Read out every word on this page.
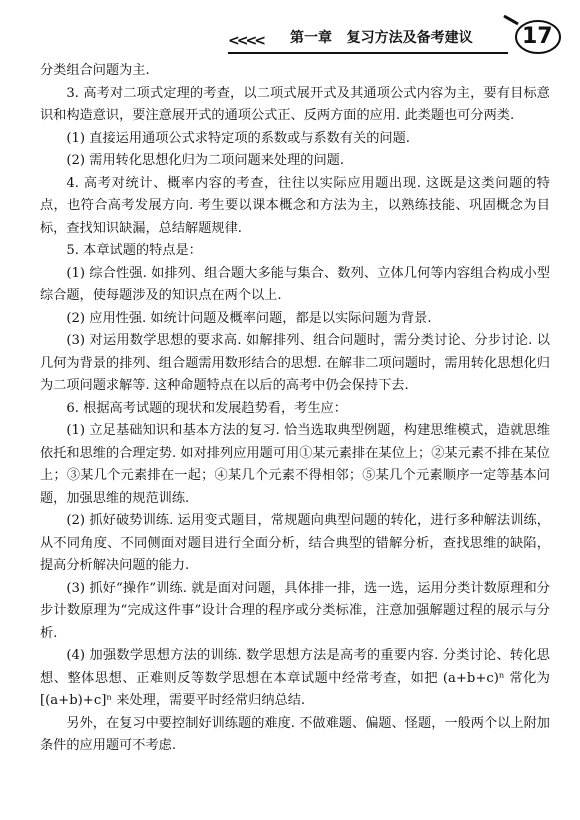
<<<< 第一章 复习方法及备考建议 17

分类组合问题为主.

3. 高考对二项式定理的考查，以二项式展开式及其通项公式内容为主，要有目标意识和构造意识，要注意展开式的通项公式正、反两方面的应用. 此类题也可分两类.

(1) 直接运用通项公式求特定项的系数或与系数有关的问题.

(2) 需用转化思想化归为二项问题来处理的问题.

4. 高考对统计、概率内容的考查，往往以实际应用题出现. 这既是这类问题的特点，也符合高考发展方向. 考生要以课本概念和方法为主，以熟练技能、巩固概念为目标，查找知识缺漏，总结解题规律.

5. 本章试题的特点是：

(1) 综合性强. 如排列、组合题大多能与集合、数列、立体几何等内容组合构成小型综合题，使每题涉及的知识点在两个以上.

(2) 应用性强. 如统计问题及概率问题，都是以实际问题为背景.

(3) 对运用数学思想的要求高. 如解排列、组合问题时，需分类讨论、分步讨论. 以几何为背景的排列、组合题需用数形结合的思想. 在解非二项问题时，需用转化思想化归为二项问题求解等. 这种命题特点在以后的高考中仍会保持下去.

6. 根据高考试题的现状和发展趋势看，考生应：

(1) 立足基础知识和基本方法的复习. 恰当选取典型例题，构建思维模式，造就思维依托和思维的合理定势. 如对排列应用题可用①某元素排在某位上；②某元素不排在某位上；③某几个元素排在一起；④某几个元素不得相邻；⑤某几个元素顺序一定等基本问题，加强思维的规范训练.

(2) 抓好破势训练. 运用变式题目，常规题向典型问题的转化，进行多种解法训练，从不同角度、不同侧面对题目进行全面分析，结合典型的错解分析，查找思维的缺陷，提高分析解决问题的能力.

(3) 抓好“操作”训练. 就是面对问题，具体排一排，选一选，运用分类计数原理和分步计数原理为“完成这件事”设计合理的程序或分类标准，注意加强解题过程的展示与分析.

(4) 加强数学思想方法的训练. 数学思想方法是高考的重要内容. 分类讨论、转化思想、整体思想、正难则反等数学思想在本章试题中经常考查，如把 (a+b+c)ⁿ 常化为[(a+b)+c]ⁿ 来处理，需要平时经常归纳总结.

另外，在复习中要控制好训练题的难度. 不做难题、偏题、怪题，一般两个以上附加条件的应用题可不考虑.
